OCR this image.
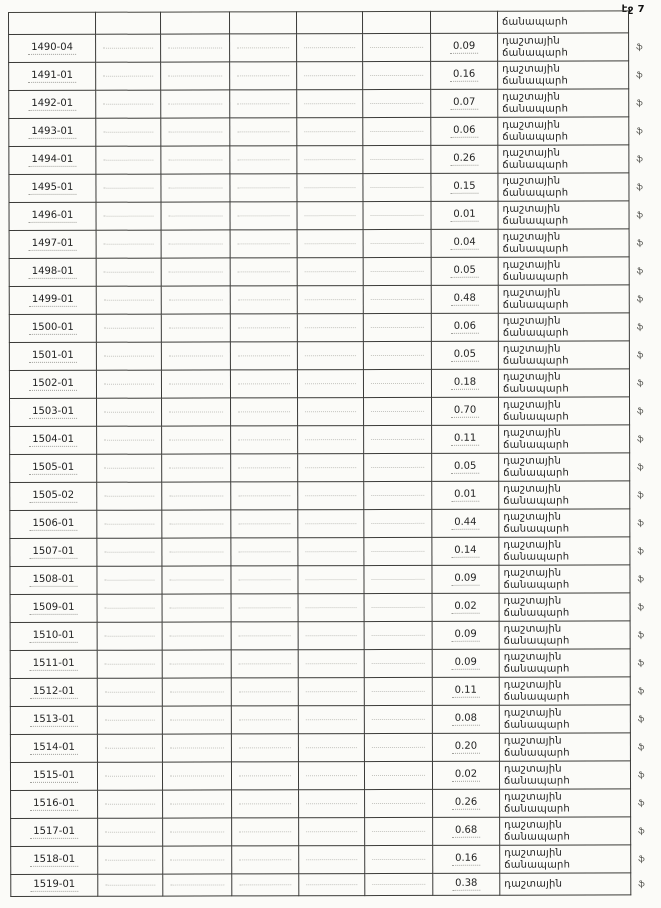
էջ 7

							ճանապարհ	

1490-04						0.09	դաշտային
ճանապարհ	ֆ

1491-01						0.16	դաշտային
ճանապարհ	ֆ

1492-01						0.07	դաշտային
ճանապարհ	ֆ

1493-01						0.06	դաշտային
ճանապարհ	ֆ

1494-01						0.26	դաշտային
ճանապարհ	ֆ

1495-01						0.15	դաշտային
ճանապարհ	ֆ

1496-01						0.01	դաշտային
ճանապարհ	ֆ

1497-01						0.04	դաշտային
ճանապարհ	ֆ

1498-01						0.05	դաշտային
ճանապարհ	ֆ

1499-01						0.48	դաշտային
ճանապարհ	ֆ

1500-01						0.06	դաշտային
ճանապարհ	ֆ

1501-01						0.05	դաշտային
ճանապարհ	ֆ

1502-01						0.18	դաշտային
ճանապարհ	ֆ

1503-01						0.70	դաշտային
ճանապարհ	ֆ

1504-01						0.11	դաշտային
ճանապարհ	ֆ

1505-01						0.05	դաշտային
ճանապարհ	ֆ

1505-02						0.01	դաշտային
ճանապարհ	ֆ

1506-01						0.44	դաշտային
ճանապարհ	ֆ

1507-01						0.14	դաշտային
ճանապարհ	ֆ

1508-01						0.09	դաշտային
ճանապարհ	ֆ

1509-01						0.02	դաշտային
ճանապարհ	ֆ

1510-01						0.09	դաշտային
ճանապարհ	ֆ

1511-01						0.09	դաշտային
ճանապարհ	ֆ

1512-01						0.11	դաշտային
ճանապարհ	ֆ

1513-01						0.08	դաշտային
ճանապարհ	ֆ

1514-01						0.20	դաշտային
ճանապարհ	ֆ

1515-01						0.02	դաշտային
ճանապարհ	ֆ

1516-01						0.26	դաշտային
ճանապարհ	ֆ

1517-01						0.68	դաշտային
ճանապարհ	ֆ

1518-01						0.16	դաշտային
ճանապարհ	ֆ

1519-01						0.38	դաշտային	ֆ
